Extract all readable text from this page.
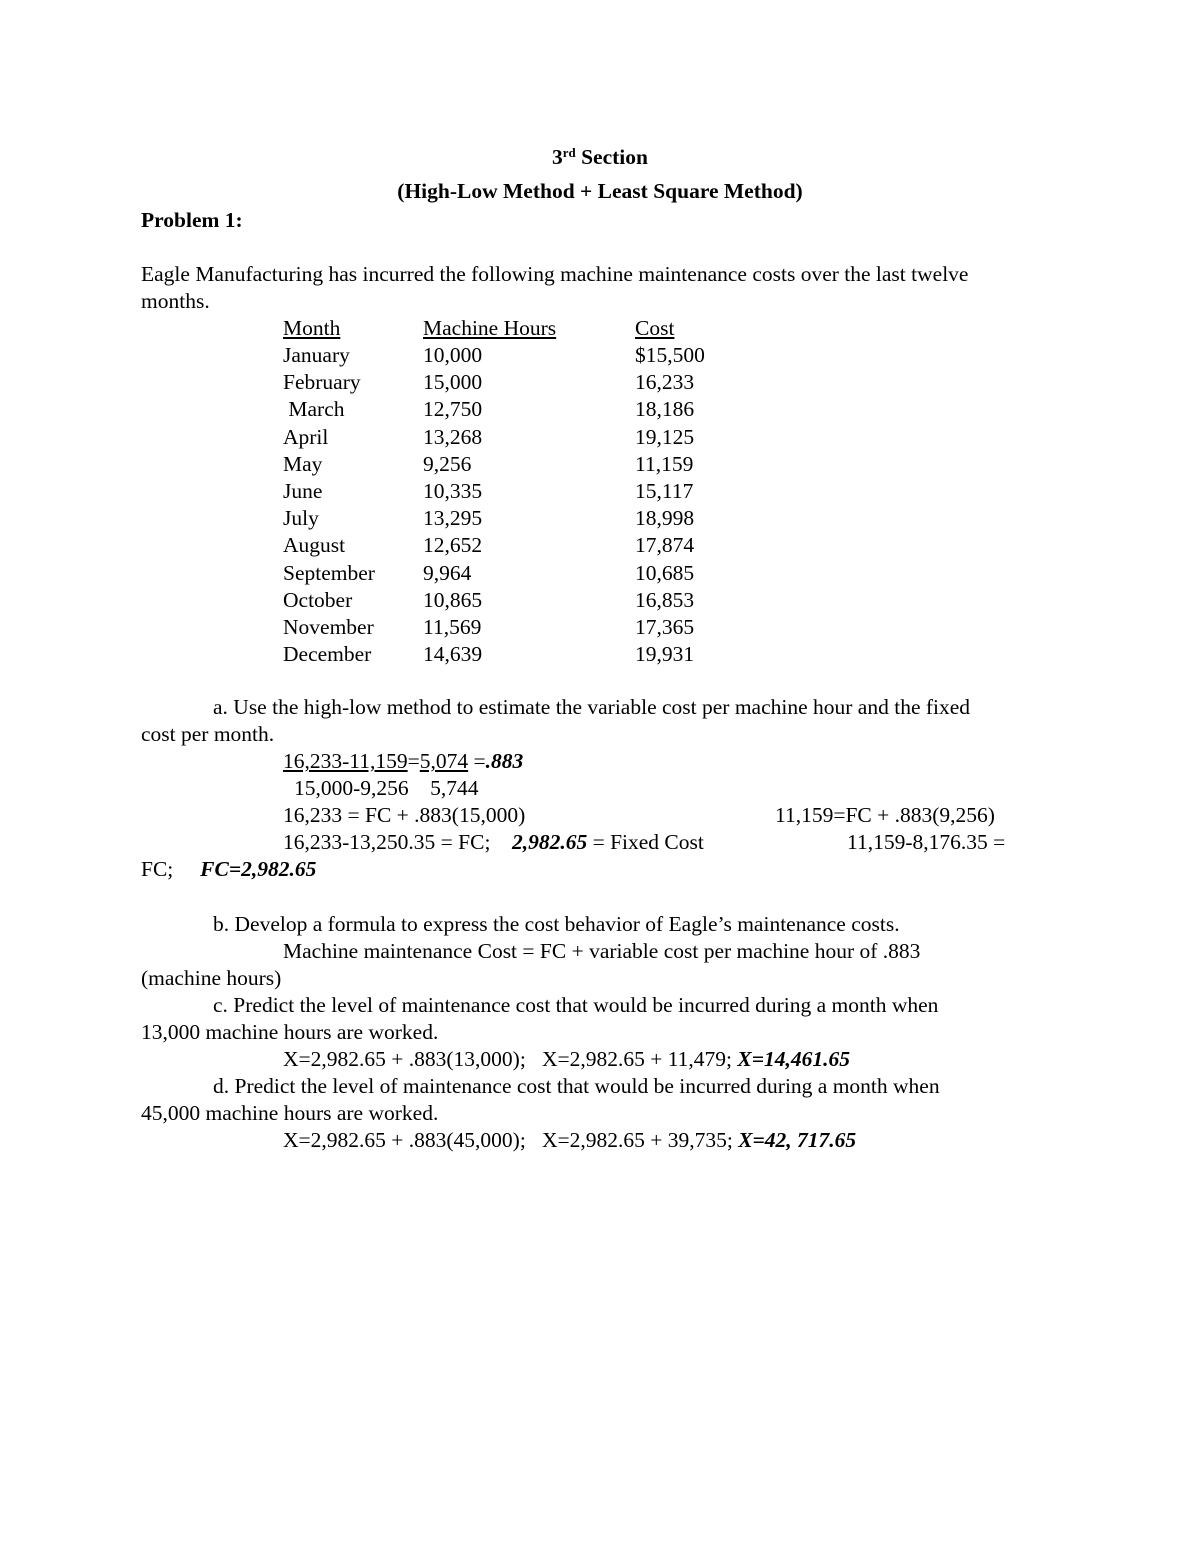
3rd Section
(High-Low Method + Least Square Method)
Problem 1:
Eagle Manufacturing has incurred the following machine maintenance costs over the last twelve
months.
Month	Machine Hours	Cost
January	10,000	$15,500
February	15,000	16,233
March	12,750	18,186
April	13,268	19,125
May	9,256	11,159
June	10,335	15,117
July	13,295	18,998
August	12,652	17,874
September 9,964	10,685
October	10,865	16,853
November 11,569	17,365
December 14,639	19,931
a. Use the high-low method to estimate the variable cost per machine hour and the fixed
cost per month.
16,233-11,159=5,074 =.883
15,000-9,256    5,744
16,233 = FC + .883(15,000)	11,159=FC + .883(9,256)
16,233-13,250.35 = FC; 2,982.65 = Fixed Cost	11,159-8,176.35 =
FC; FC=2,982.65
b. Develop a formula to express the cost behavior of Eagle’s maintenance costs.
Machine maintenance Cost = FC + variable cost per machine hour of .883
(machine hours)
c. Predict the level of maintenance cost that would be incurred during a month when
13,000 machine hours are worked.
X=2,982.65 + .883(13,000);   X=2,982.65 + 11,479; X=14,461.65
d. Predict the level of maintenance cost that would be incurred during a month when
45,000 machine hours are worked.
X=2,982.65 + .883(45,000);   X=2,982.65 + 39,735; X=42, 717.65
